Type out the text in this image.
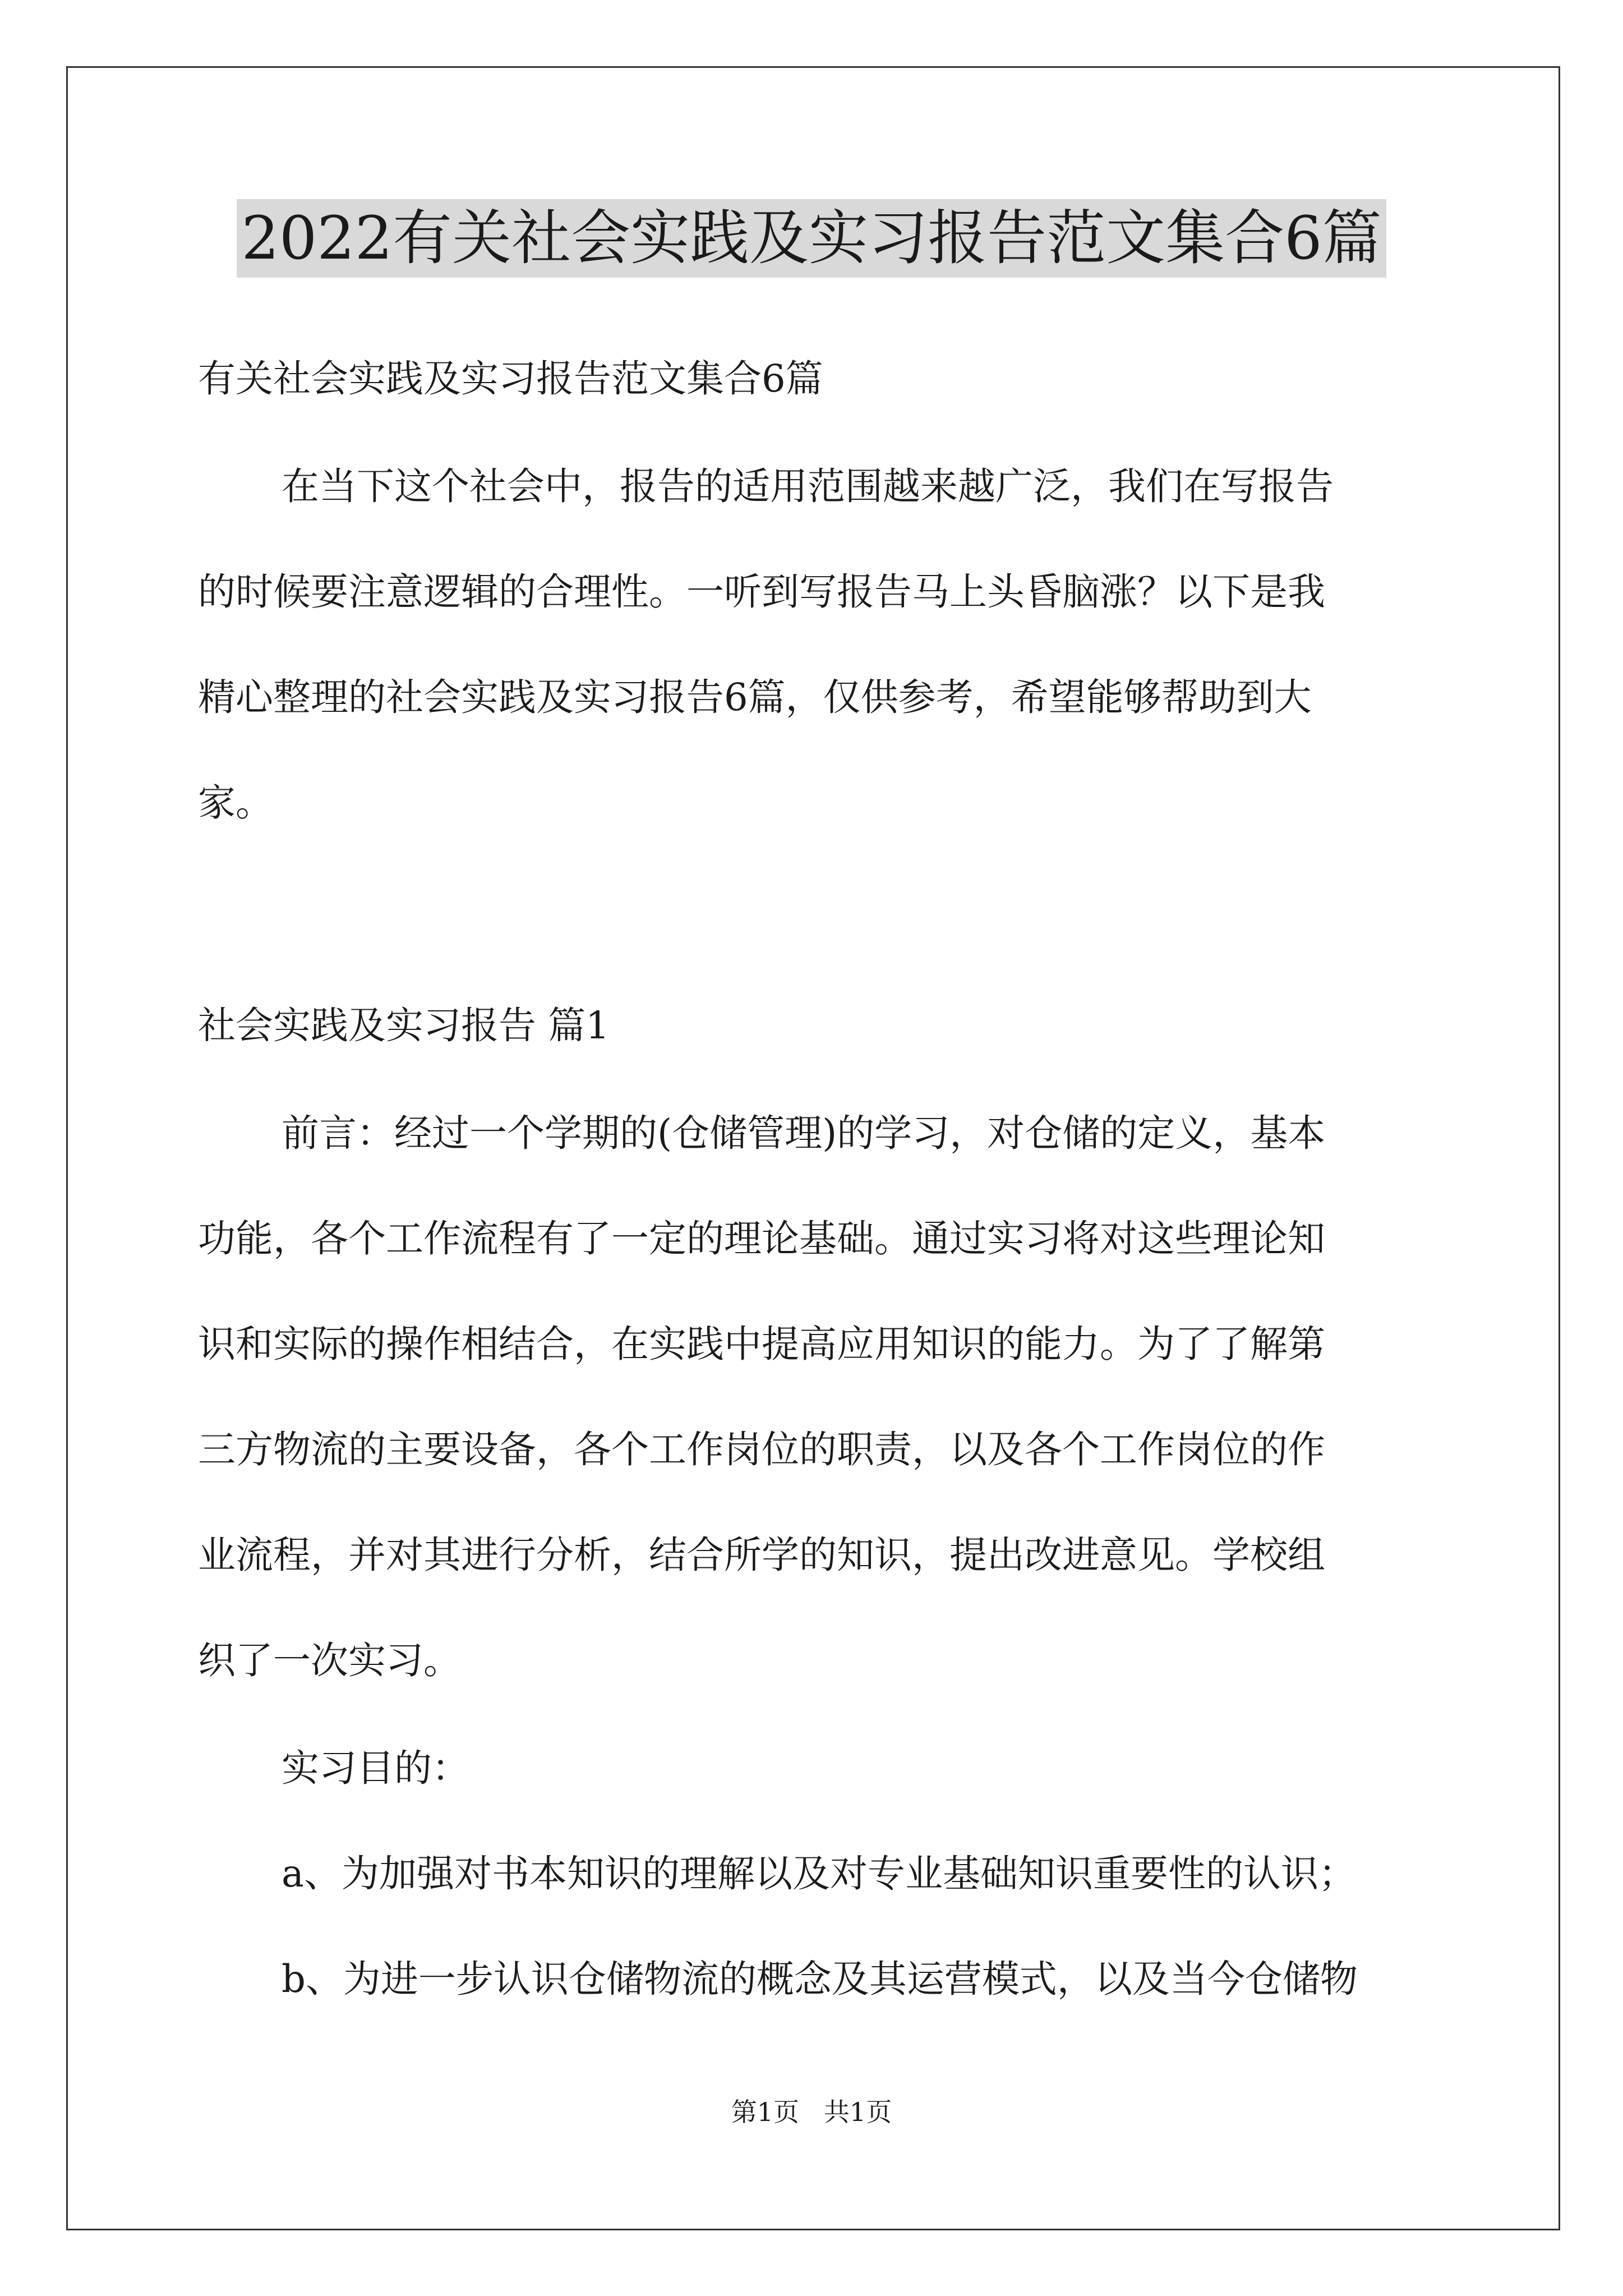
2022有关社会实践及实习报告范文集合6篇
有关社会实践及实习报告范文集合6篇
在当下这个社会中，报告的适用范围越来越广泛，我们在写报告
的时候要注意逻辑的合理性。一听到写报告马上头昏脑涨？以下是我
精心整理的社会实践及实习报告6篇，仅供参考，希望能够帮助到大
家。
社会实践及实习报告 篇1
前言：经过一个学期的(仓储管理)的学习，对仓储的定义，基本
功能，各个工作流程有了一定的理论基础。通过实习将对这些理论知
识和实际的操作相结合，在实践中提高应用知识的能力。为了了解第
三方物流的主要设备，各个工作岗位的职责，以及各个工作岗位的作
业流程，并对其进行分析，结合所学的知识，提出改进意见。学校组
织了一次实习。
实习目的：
a、为加强对书本知识的理解以及对专业基础知识重要性的认识；
b、为进一步认识仓储物流的概念及其运营模式，以及当今仓储物
第1页   共1页
